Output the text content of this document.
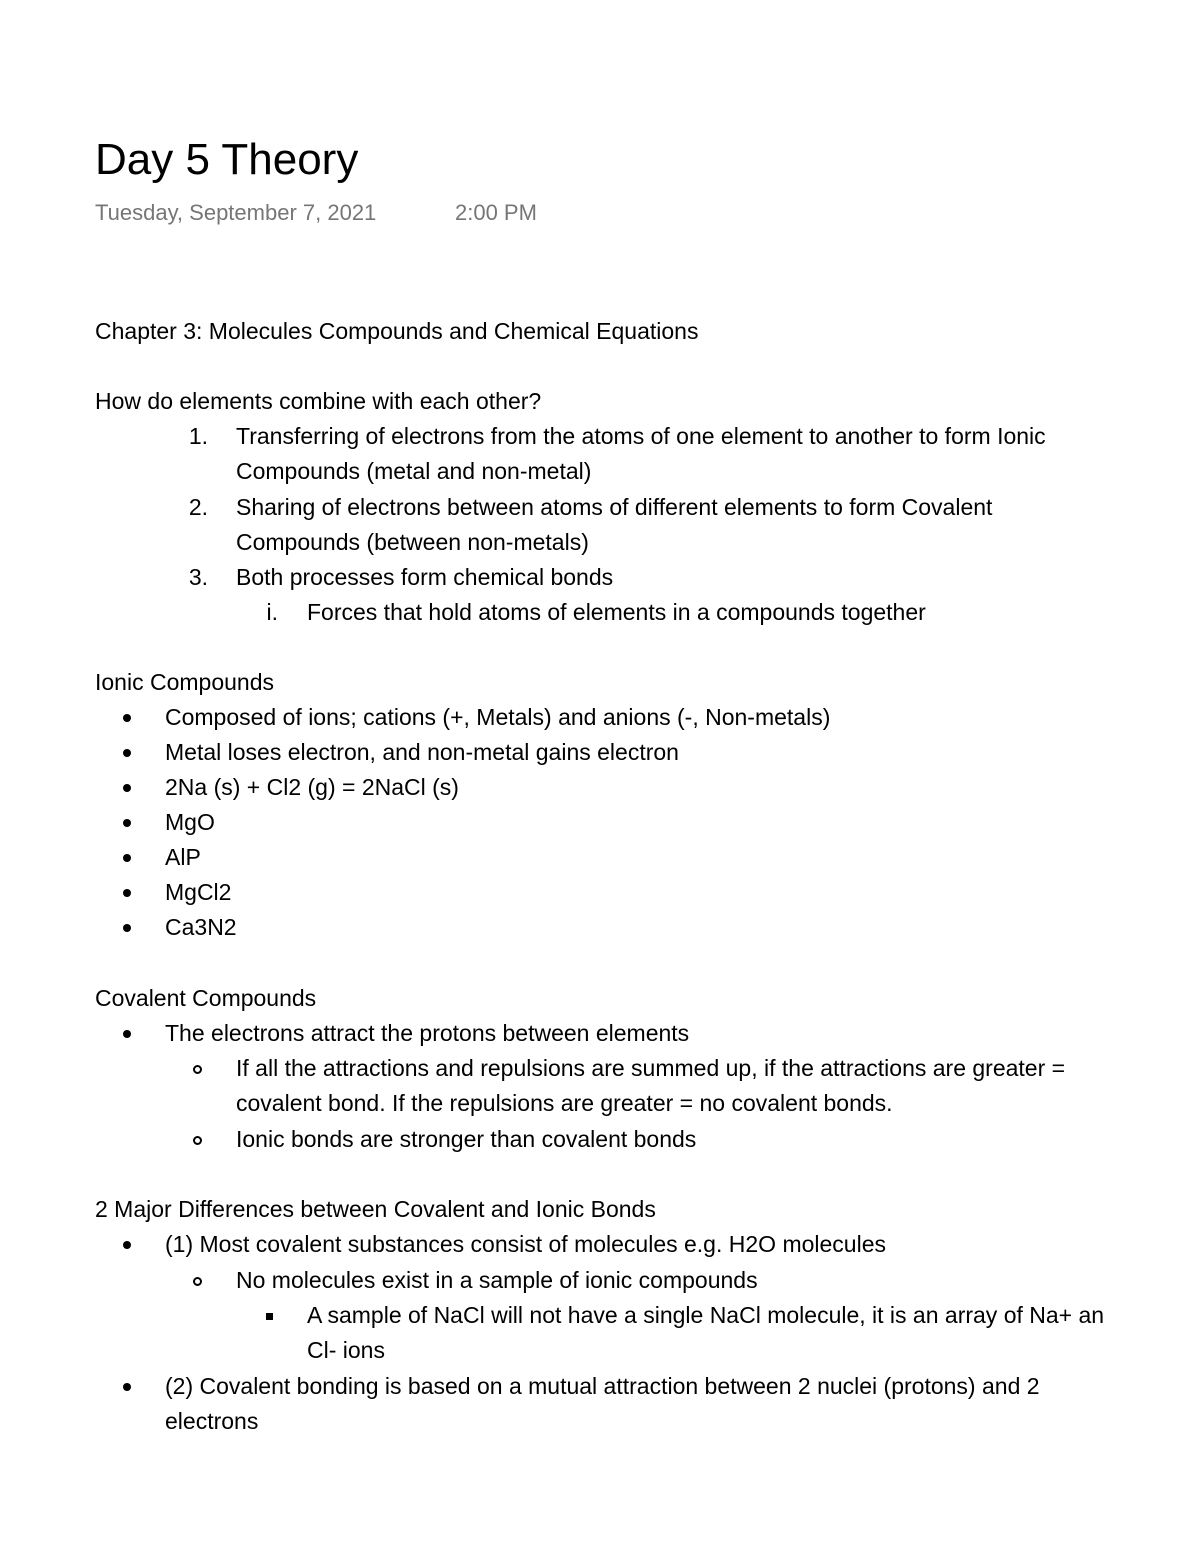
Day 5 Theory
Tuesday, September 7, 2021	2:00 PM
Chapter 3: Molecules Compounds and Chemical Equations
How do elements combine with each other?
1. Transferring of electrons from the atoms of one element to another to form Ionic
Compounds (metal and non-metal)
2. Sharing of electrons between atoms of different elements to form Covalent
Compounds (between non-metals)
3. Both processes form chemical bonds
i. Forces that hold atoms of elements in a compounds together
Ionic Compounds
Composed of ions; cations (+, Metals) and anions (-, Non-metals)
Metal loses electron, and non-metal gains electron
2Na (s) + Cl2 (g) = 2NaCl (s)
MgO
AlP
MgCl2
Ca3N2
Covalent Compounds
The electrons attract the protons between elements
If all the attractions and repulsions are summed up, if the attractions are greater =
covalent bond. If the repulsions are greater = no covalent bonds.
Ionic bonds are stronger than covalent bonds
2 Major Differences between Covalent and Ionic Bonds
(1) Most covalent substances consist of molecules e.g. H2O molecules
No molecules exist in a sample of ionic compounds
A sample of NaCl will not have a single NaCl molecule, it is an array of Na+ an
Cl- ions
(2) Covalent bonding is based on a mutual attraction between 2 nuclei (protons) and 2
electrons
